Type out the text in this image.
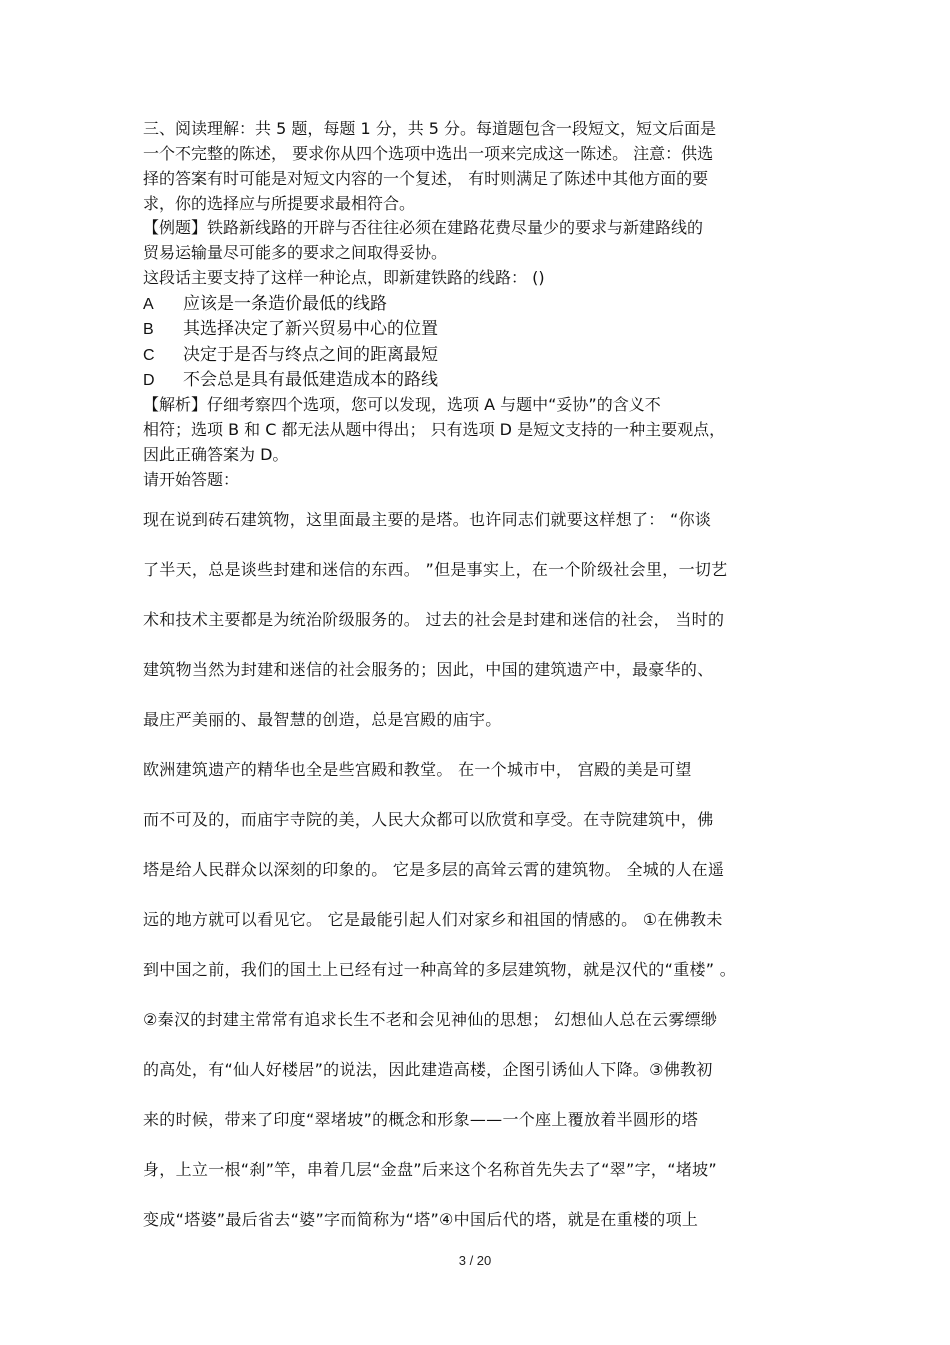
三、阅读理解：共 5 题，每题 1 分，共 5 分。每道题包含一段短文，短文后面是
一个不完整的陈述， 要求你从四个选项中选出一项来完成这一陈述。 注意：供选
择的答案有时可能是对短文内容的一个复述， 有时则满足了陈述中其他方面的要
求，你的选择应与所提要求最相符合。
【例题】铁路新线路的开辟与否往往必须在建路花费尽量少的要求与新建路线的
贸易运输量尽可能多的要求之间取得妥协。
这段话主要支持了这样一种论点，即新建铁路的线路： ()
A 应该是一条造价最低的线路
B 其选择决定了新兴贸易中心的位置
C 决定于是否与终点之间的距离最短
D 不会总是具有最低建造成本的路线
【解析】仔细考察四个选项，您可以发现，选项 A 与题中“妥协”的含义不
相符；选项 B 和 C 都无法从题中得出； 只有选项 D 是短文支持的一种主要观点，
因此正确答案为 D。
请开始答题：
现在说到砖石建筑物，这里面最主要的是塔。也许同志们就要这样想了： “你谈
了半天，总是谈些封建和迷信的东西。 ”但是事实上，在一个阶级社会里，一切艺
术和技术主要都是为统治阶级服务的。 过去的社会是封建和迷信的社会， 当时的
建筑物当然为封建和迷信的社会服务的；因此，中国的建筑遗产中，最豪华的、
最庄严美丽的、最智慧的创造，总是宫殿的庙宇。
欧洲建筑遗产的精华也全是些宫殿和教堂。 在一个城市中， 宫殿的美是可望
而不可及的，而庙宇寺院的美，人民大众都可以欣赏和享受。在寺院建筑中，佛
塔是给人民群众以深刻的印象的。 它是多层的高耸云霄的建筑物。 全城的人在遥
远的地方就可以看见它。 它是最能引起人们对家乡和祖国的情感的。 ①在佛教未
到中国之前，我们的国土上已经有过一种高耸的多层建筑物，就是汉代的“重楼” 。
②秦汉的封建主常常有追求长生不老和会见神仙的思想； 幻想仙人总在云雾缥缈
的高处，有“仙人好楼居”的说法，因此建造高楼，企图引诱仙人下降。③佛教初
来的时候，带来了印度“翠堵坡”的概念和形象——一个座上覆放着半圆形的塔
身，上立一根“刹”竿，串着几层“金盘”后来这个名称首先失去了“翠”字，“堵坡”
变成“塔婆”最后省去“婆”字而简称为“塔”④中国后代的塔，就是在重楼的项上
3 / 20
